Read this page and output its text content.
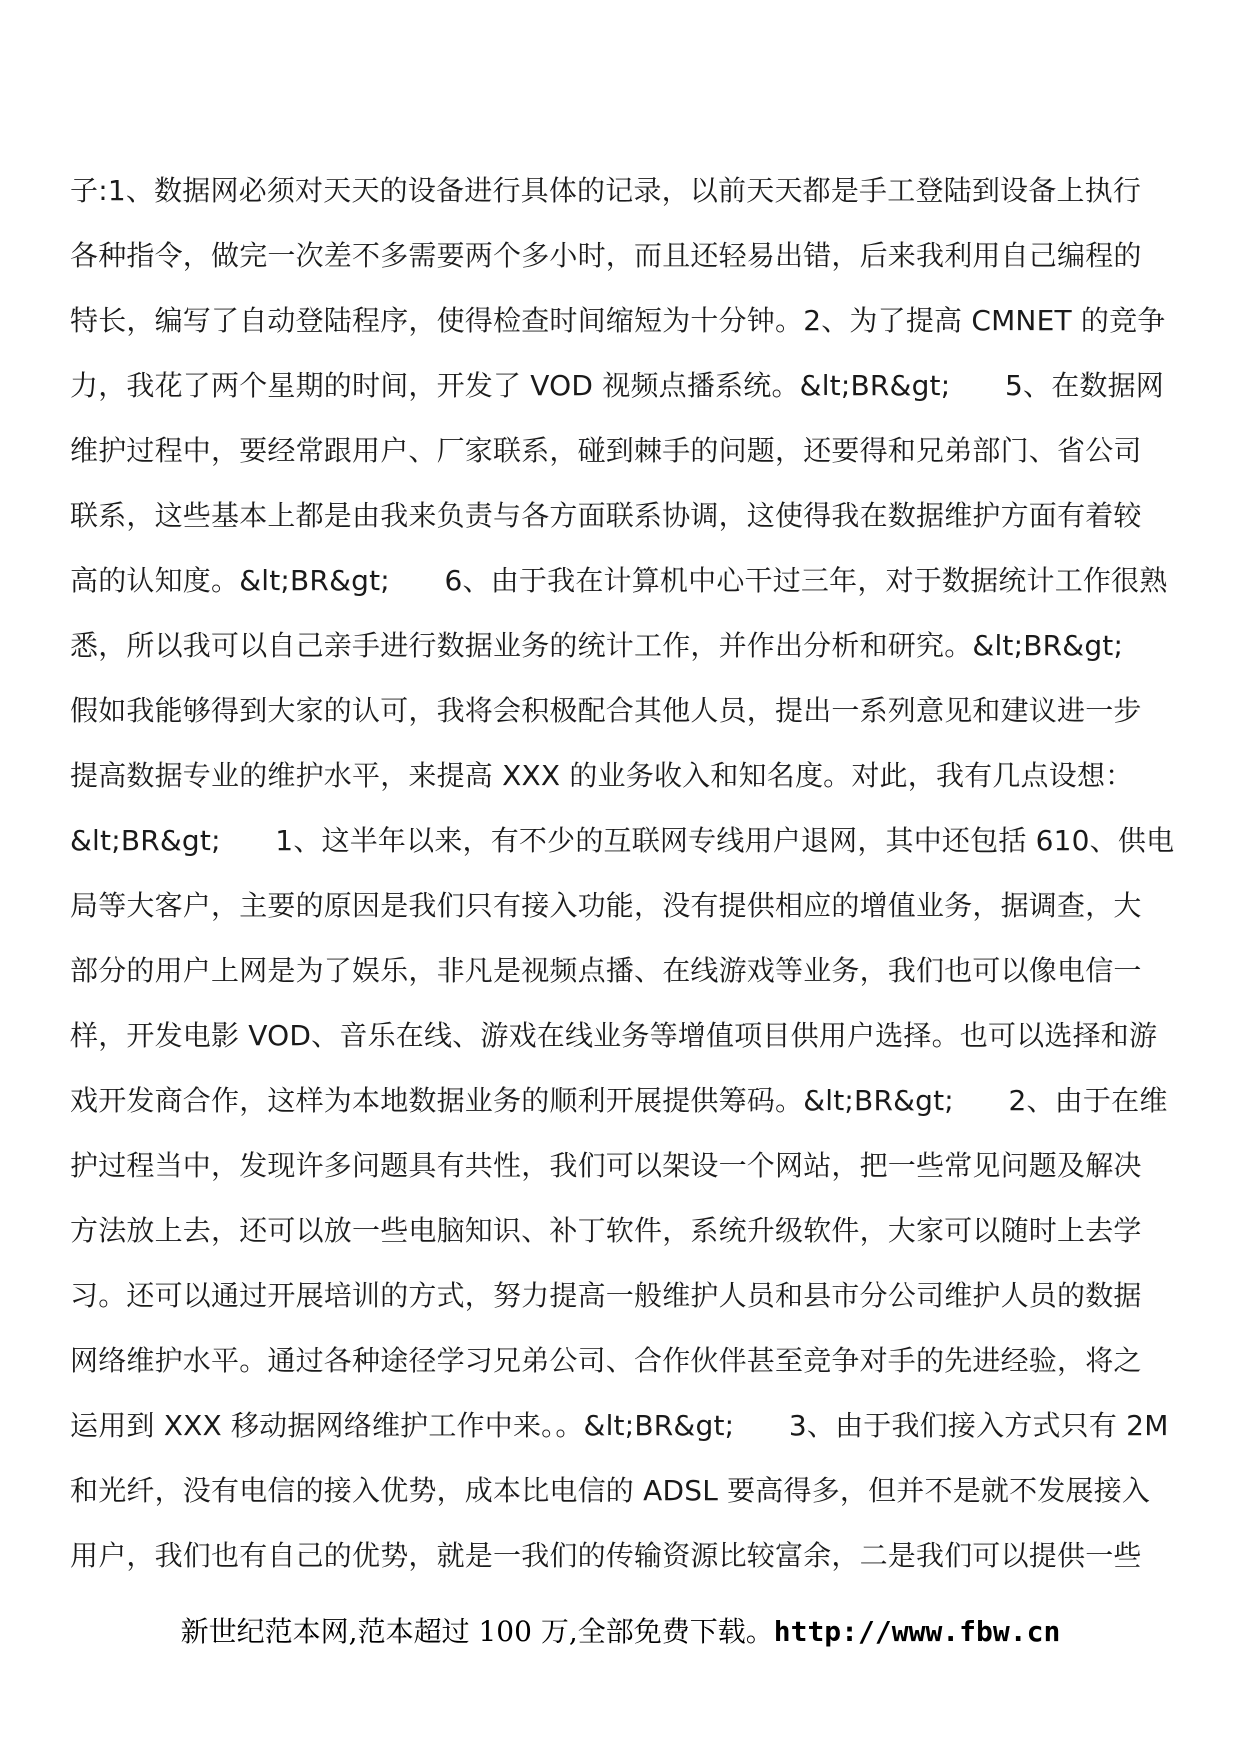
子:1、数据网必须对天天的设备进行具体的记录，以前天天都是手工登陆到设备上执行
各种指令，做完一次差不多需要两个多小时，而且还轻易出错，后来我利用自己编程的
特长，编写了自动登陆程序，使得检查时间缩短为十分钟。2、为了提高 CMNET 的竞争
力，我花了两个星期的时间，开发了 VOD 视频点播系统。&lt;BR&gt;      5、在数据网
维护过程中，要经常跟用户、厂家联系，碰到棘手的问题，还要得和兄弟部门、省公司
联系，这些基本上都是由我来负责与各方面联系协调，这使得我在数据维护方面有着较
高的认知度。&lt;BR&gt;      6、由于我在计算机中心干过三年，对于数据统计工作很熟
悉，所以我可以自己亲手进行数据业务的统计工作，并作出分析和研究。&lt;BR&gt;
假如我能够得到大家的认可，我将会积极配合其他人员，提出一系列意见和建议进一步
提高数据专业的维护水平，来提高 XXX 的业务收入和知名度。对此，我有几点设想：
&lt;BR&gt;      1、这半年以来，有不少的互联网专线用户退网，其中还包括 610、供电
局等大客户，主要的原因是我们只有接入功能，没有提供相应的增值业务，据调查，大
部分的用户上网是为了娱乐，非凡是视频点播、在线游戏等业务，我们也可以像电信一
样，开发电影 VOD、音乐在线、游戏在线业务等增值项目供用户选择。也可以选择和游
戏开发商合作，这样为本地数据业务的顺利开展提供筹码。&lt;BR&gt;      2、由于在维
护过程当中，发现许多问题具有共性，我们可以架设一个网站，把一些常见问题及解决
方法放上去，还可以放一些电脑知识、补丁软件，系统升级软件，大家可以随时上去学
习。还可以通过开展培训的方式，努力提高一般维护人员和县市分公司维护人员的数据
网络维护水平。通过各种途径学习兄弟公司、合作伙伴甚至竞争对手的先进经验，将之
运用到 XXX 移动据网络维护工作中来。。&lt;BR&gt;      3、由于我们接入方式只有 2M
和光纤，没有电信的接入优势，成本比电信的 ADSL 要高得多，但并不是就不发展接入
用户，我们也有自己的优势，就是一我们的传输资源比较富余，二是我们可以提供一些
新世纪范本网,范本超过 100 万,全部免费下载。http://www.fbw.cn
